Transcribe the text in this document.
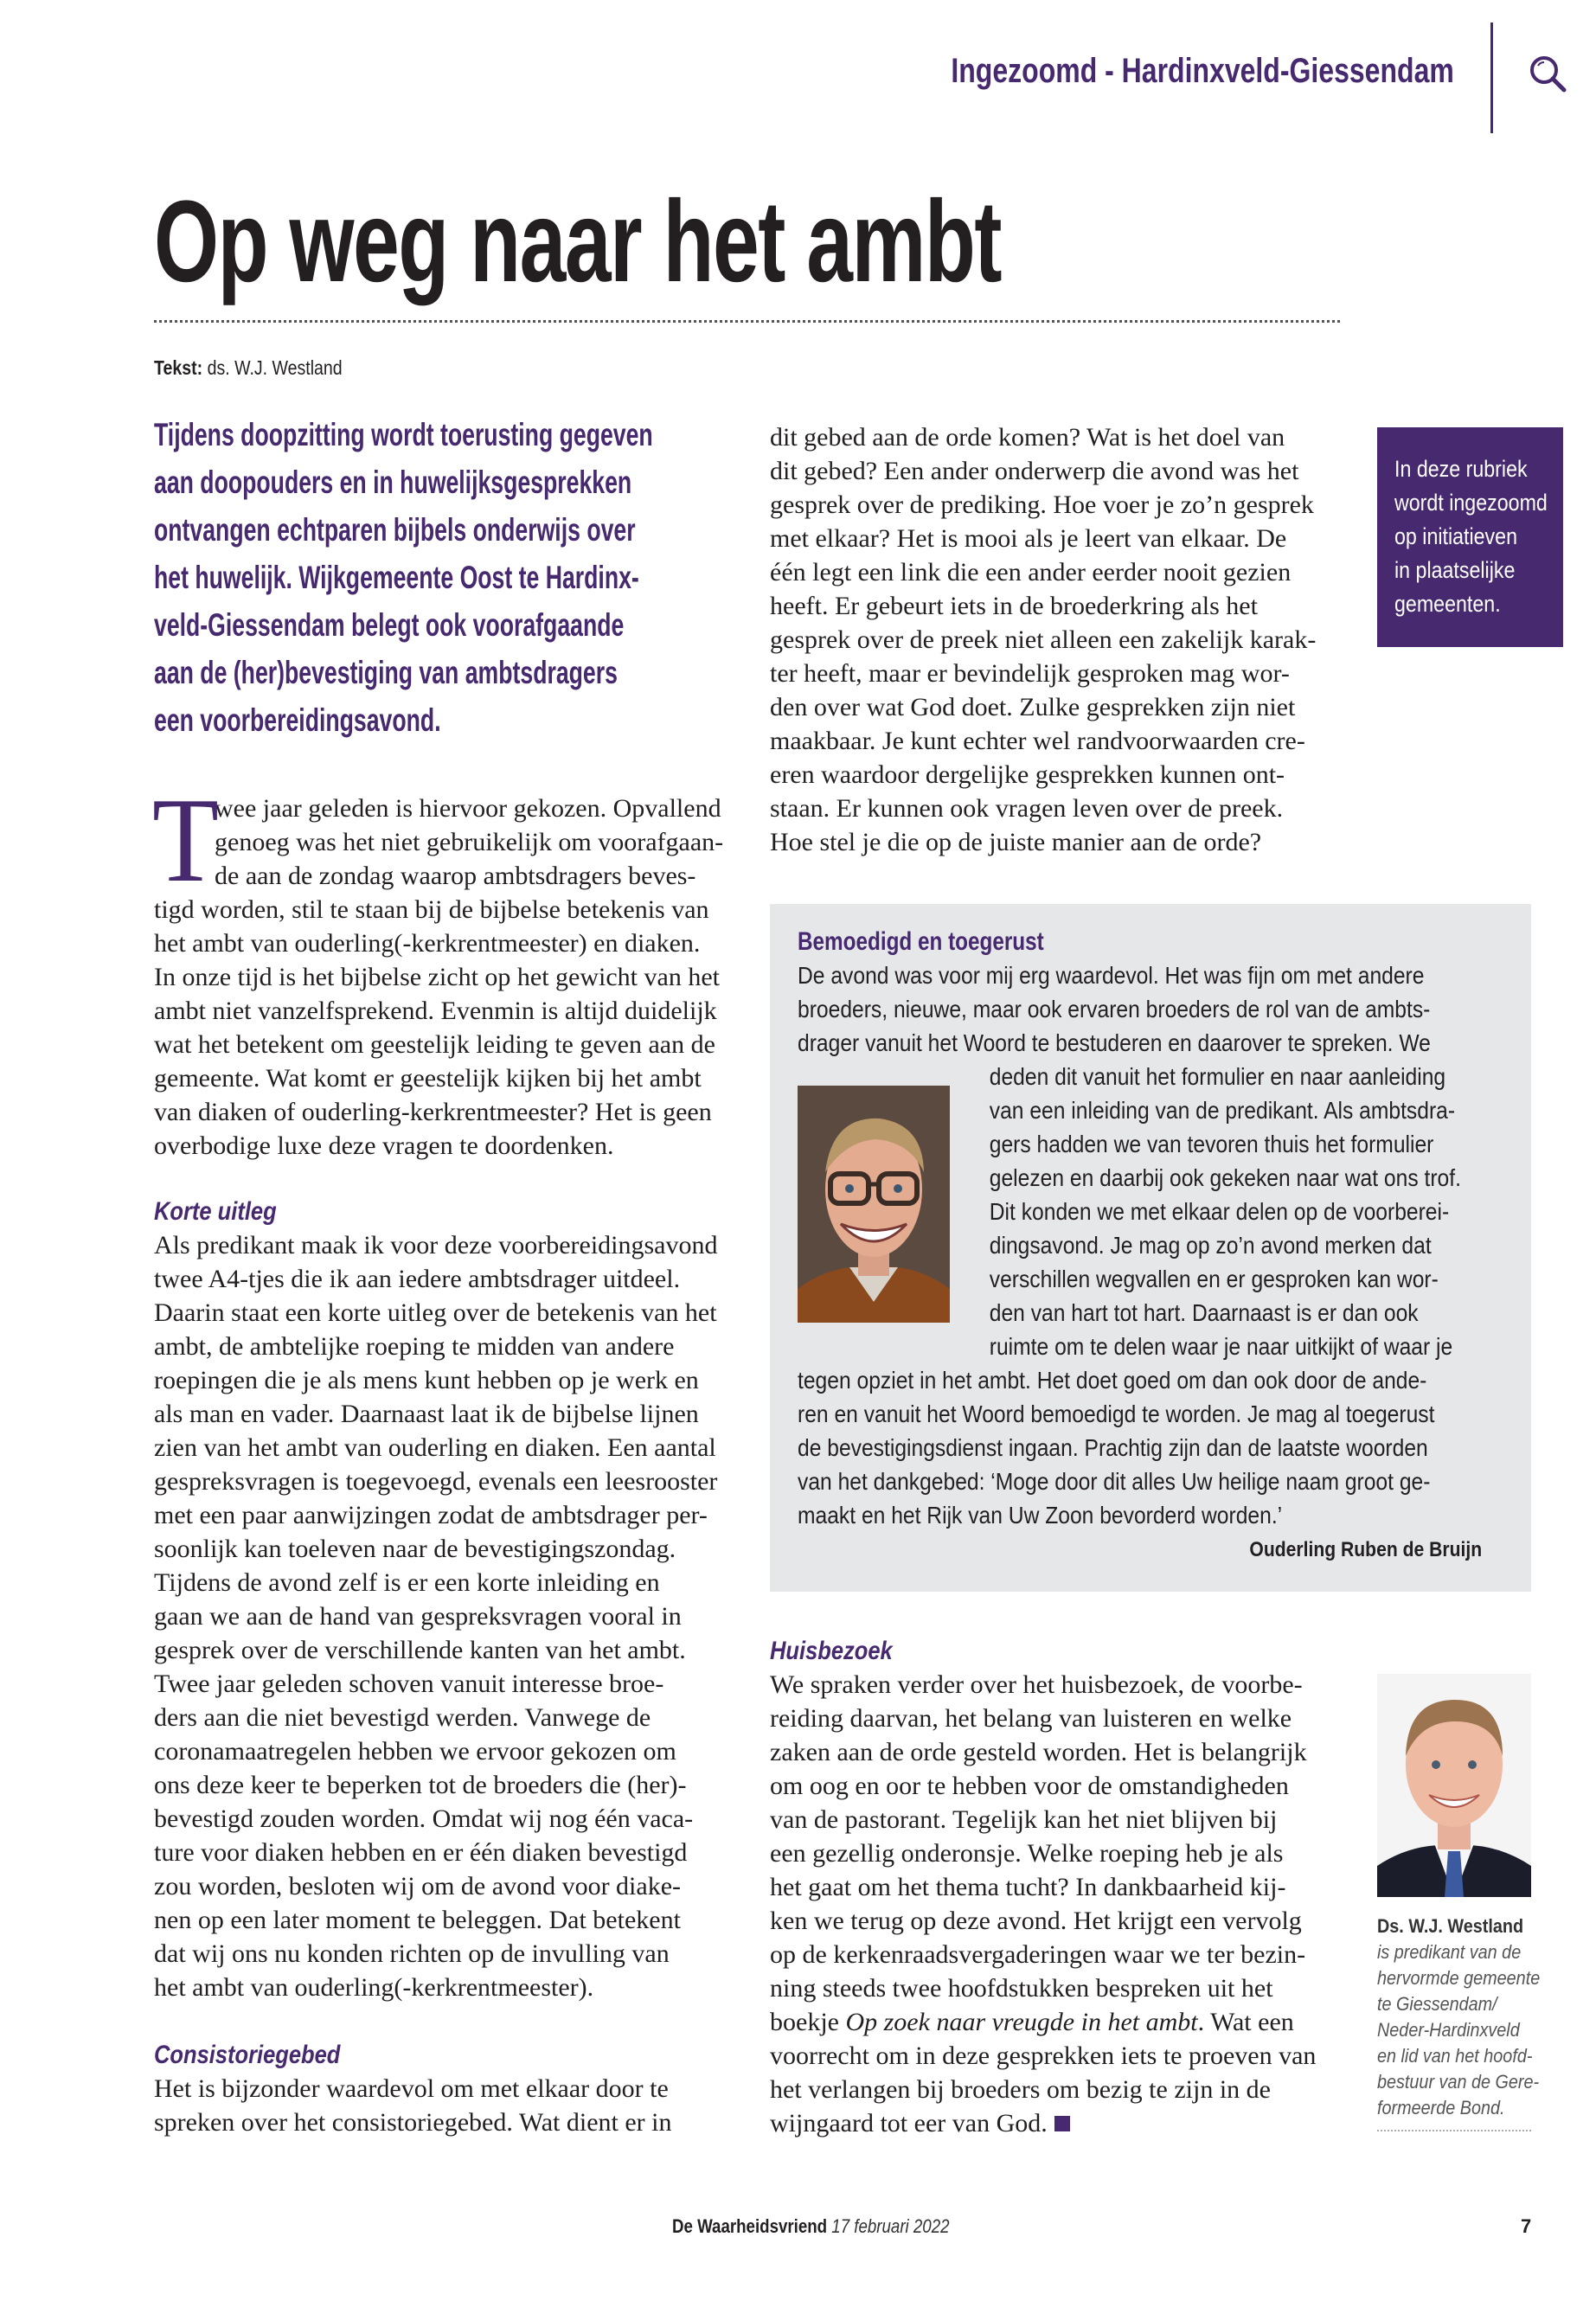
Ingezoomd - Hardinxveld-Giessendam
Op weg naar het ambt
Tekst: ds. W.J. Westland
Tijdens doopzitting wordt toerusting gegeven
aan doopouders en in huwelijksgesprekken
ontvangen echtparen bijbels onderwijs over
het huwelijk. Wijkgemeente Oost te Hardinx-
veld-Giessendam belegt ook voorafgaande
aan de (her)bevestiging van ambtsdragers
een voorbereidingsavond.
T
wee jaar geleden is hiervoor gekozen. Opvallend
genoeg was het niet gebruikelijk om voorafgaan-
de aan de zondag waarop ambtsdragers beves-
tigd worden, stil te staan bij de bijbelse betekenis van
het ambt van ouderling(-kerkrentmeester) en diaken.
In onze tijd is het bijbelse zicht op het gewicht van het
ambt niet vanzelfsprekend. Evenmin is altijd duidelijk
wat het betekent om geestelijk leiding te geven aan de
gemeente. Wat komt er geestelijk kijken bij het ambt
van diaken of ouderling-kerkrentmeester? Het is geen
overbodige luxe deze vragen te doordenken.
Korte uitleg
Als predikant maak ik voor deze voorbereidingsavond
twee A4-tjes die ik aan iedere ambtsdrager uitdeel.
Daarin staat een korte uitleg over de betekenis van het
ambt, de ambtelijke roeping te midden van andere
roepingen die je als mens kunt hebben op je werk en
als man en vader. Daarnaast laat ik de bijbelse lijnen
zien van het ambt van ouderling en diaken. Een aantal
gespreksvragen is toegevoegd, evenals een leesrooster
met een paar aanwijzingen zodat de ambtsdrager per-
soonlijk kan toeleven naar de bevestigingszondag.
Tijdens de avond zelf is er een korte inleiding en
gaan we aan de hand van gespreksvragen vooral in
gesprek over de verschillende kanten van het ambt.
Twee jaar geleden schoven vanuit interesse broe-
ders aan die niet bevestigd werden. Vanwege de
coronamaatregelen hebben we ervoor gekozen om
ons deze keer te beperken tot de broeders die (her)-
bevestigd zouden worden. Omdat wij nog één vaca-
ture voor diaken hebben en er één diaken bevestigd
zou worden, besloten wij om de avond voor diake-
nen op een later moment te beleggen. Dat betekent
dat wij ons nu konden richten op de invulling van
het ambt van ouderling(-kerkrentmeester).
Consistoriegebed
Het is bijzonder waardevol om met elkaar door te
spreken over het consistoriegebed. Wat dient er in
dit gebed aan de orde komen? Wat is het doel van
dit gebed? Een ander onderwerp die avond was het
gesprek over de prediking. Hoe voer je zo’n gesprek
met elkaar? Het is mooi als je leert van elkaar. De
één legt een link die een ander eerder nooit gezien
heeft. Er gebeurt iets in de broederkring als het
gesprek over de preek niet alleen een zakelijk karak-
ter heeft, maar er bevindelijk gesproken mag wor-
den over wat God doet. Zulke gesprekken zijn niet
maakbaar. Je kunt echter wel randvoorwaarden cre-
eren waardoor dergelijke gesprekken kunnen ont-
staan. Er kunnen ook vragen leven over de preek.
Hoe stel je die op de juiste manier aan de orde?
In deze rubriek
wordt ingezoomd
op initiatieven
in plaatselijke
gemeenten.
Bemoedigd en toegerust
De avond was voor mij erg waardevol. Het was fijn om met andere
broeders, nieuwe, maar ook ervaren broeders de rol van de ambts-
drager vanuit het Woord te bestuderen en daarover te spreken. We
deden dit vanuit het formulier en naar aanleiding
van een inleiding van de predikant. Als ambtsdra-
gers hadden we van tevoren thuis het formulier
gelezen en daarbij ook gekeken naar wat ons trof.
Dit konden we met elkaar delen op de voorberei-
dingsavond. Je mag op zo’n avond merken dat
verschillen wegvallen en er gesproken kan wor-
den van hart tot hart. Daarnaast is er dan ook
ruimte om te delen waar je naar uitkijkt of waar je
tegen opziet in het ambt. Het doet goed om dan ook door de ande-
ren en vanuit het Woord bemoedigd te worden. Je mag al toegerust
de bevestigingsdienst ingaan. Prachtig zijn dan de laatste woorden
van het dankgebed: ‘Moge door dit alles Uw heilige naam groot ge-
maakt en het Rijk van Uw Zoon bevorderd worden.’
Ouderling Ruben de Bruijn
Huisbezoek
We spraken verder over het huisbezoek, de voorbe-
reiding daarvan, het belang van luisteren en welke
zaken aan de orde gesteld worden. Het is belangrijk
om oog en oor te hebben voor de omstandigheden
van de pastorant. Tegelijk kan het niet blijven bij
een gezellig onderonsje. Welke roeping heb je als
het gaat om het thema tucht? In dankbaarheid kij-
ken we terug op deze avond. Het krijgt een vervolg
op de kerkenraadsvergaderingen waar we ter bezin-
ning steeds twee hoofdstukken bespreken uit het
boekje Op zoek naar vreugde in het ambt. Wat een
voorrecht om in deze gesprekken iets te proeven van
het verlangen bij broeders om bezig te zijn in de
wijngaard tot eer van God.
Ds. W.J. Westland
is predikant van de
hervormde gemeente
te Giessendam/
Neder-Hardinxveld
en lid van het hoofd-
bestuur van de Gere-
formeerde Bond.
De Waarheidsvriend 17 februari 2022	7
